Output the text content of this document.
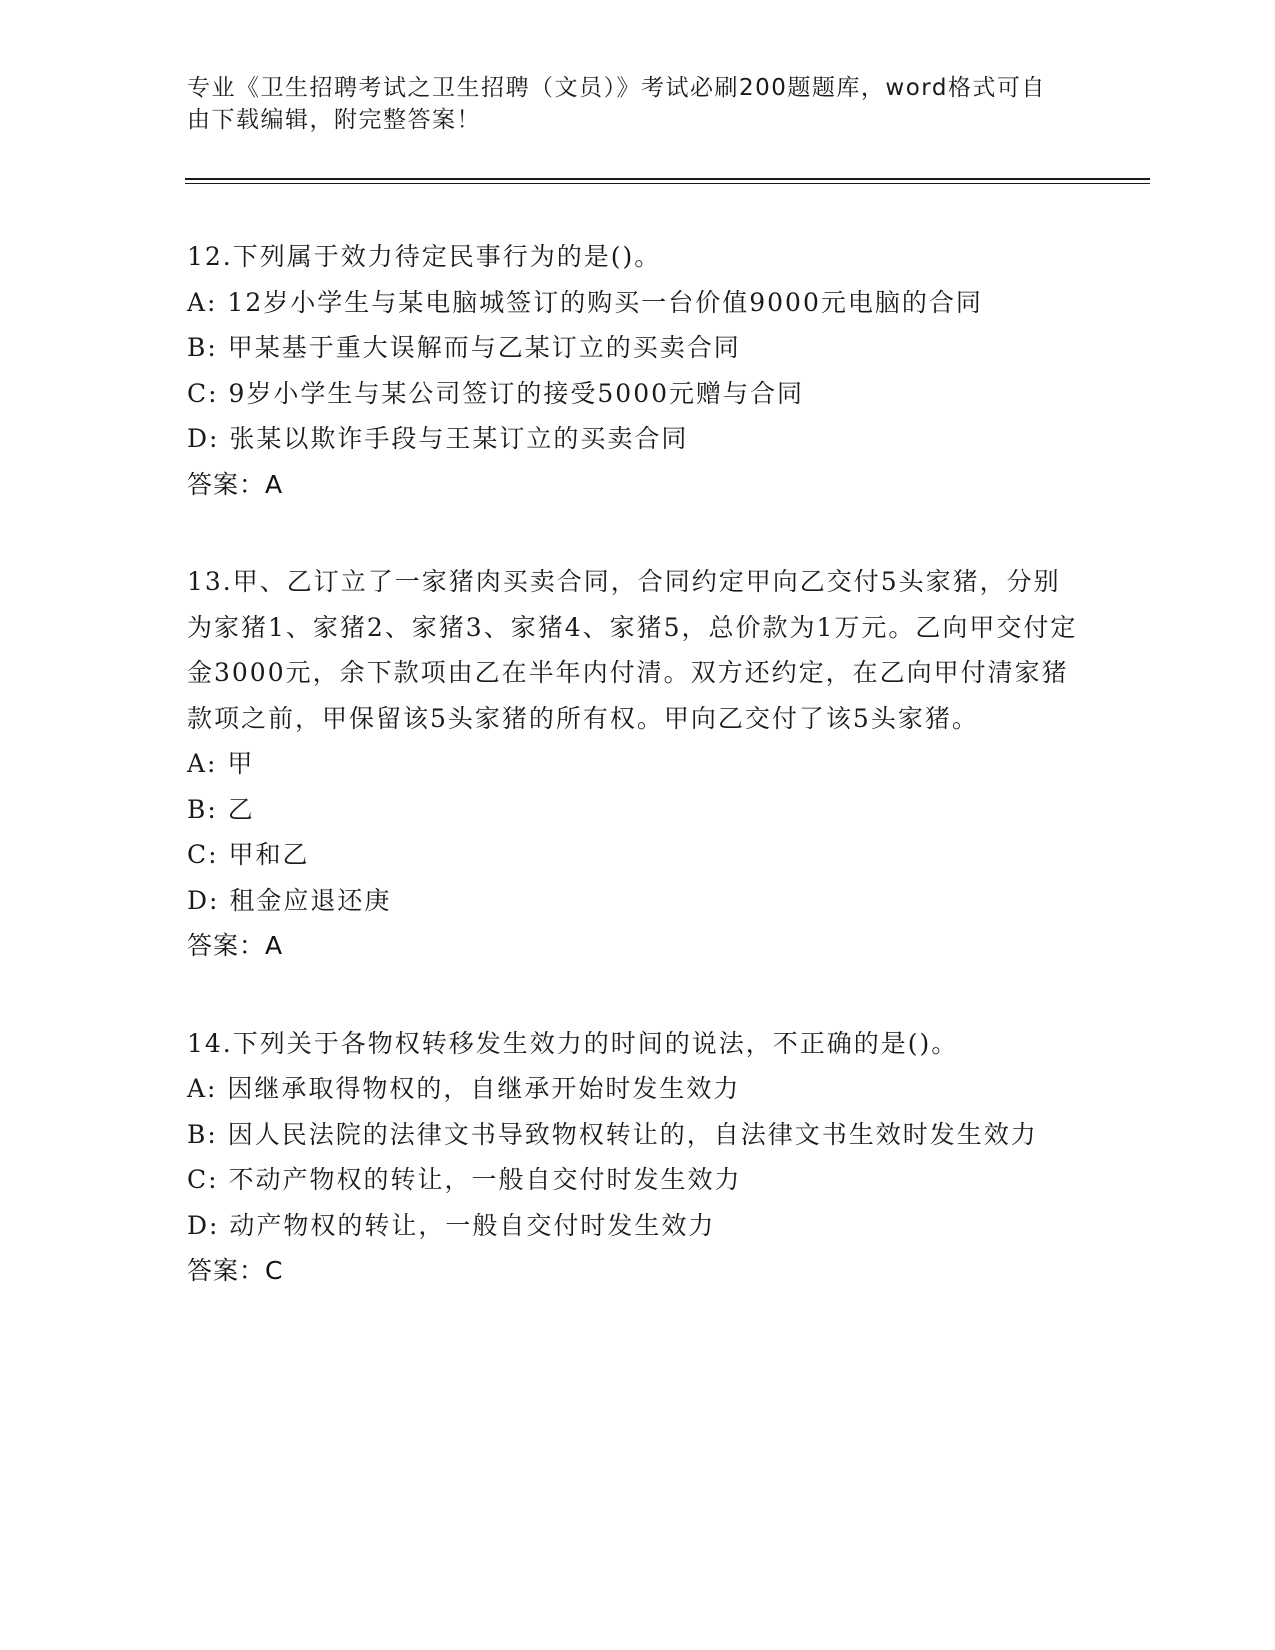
专业《卫生招聘考试之卫生招聘（文员）》考试必刷200题题库，word格式可自由下载编辑，附完整答案！
12.下列属于效力待定民事行为的是()。
A: 12岁小学生与某电脑城签订的购买一台价值9000元电脑的合同
B: 甲某基于重大误解而与乙某订立的买卖合同
C: 9岁小学生与某公司签订的接受5000元赠与合同
D: 张某以欺诈手段与王某订立的买卖合同
答案：A
13.甲、乙订立了一家猪肉买卖合同，合同约定甲向乙交付5头家猪，分别为家猪1、家猪2、家猪3、家猪4、家猪5，总价款为1万元。乙向甲交付定金3000元，余下款项由乙在半年内付清。双方还约定，在乙向甲付清家猪款项之前，甲保留该5头家猪的所有权。甲向乙交付了该5头家猪。
A: 甲
B: 乙
C: 甲和乙
D: 租金应退还庚
答案：A
14.下列关于各物权转移发生效力的时间的说法，不正确的是()。
A: 因继承取得物权的，自继承开始时发生效力
B: 因人民法院的法律文书导致物权转让的，自法律文书生效时发生效力
C: 不动产物权的转让，一般自交付时发生效力
D: 动产物权的转让，一般自交付时发生效力
答案：C
